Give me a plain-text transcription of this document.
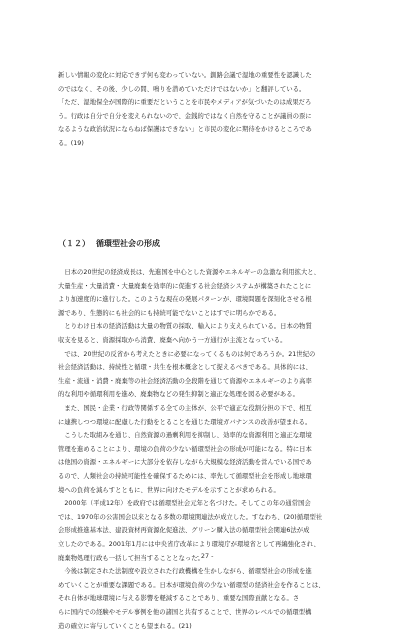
新しい情報の変化に対応できず何も変わっていない。釧路会議で湿地の重要性を認識した
のではなく、その後、少しの間、鳴りを潜めていただけではないか」と翻評している。
「ただ、湿地保全が国際的に重要だということを市民やメディアが気づいたのは成果だろ
う。行政は自分で自分を変えられないので、金銭的ではなく自然を守ることが議員の票に
なるような政治状況にならねば保護はできない」と市民の変化に期待をかけるところであ
る。(19)
（１２） 循環型社会の形成
　日本の20世紀の経済成長は、先進国を中心とした資源やエネルギーの急激な利用拡大と、
大量生産・大量消費・大量廃棄を効率的に促進する社会経済システムが構築されたことに
より加速度的に進行した。このような現在の発展パターンが、環境問題を深刻化させる根
源であり、生態的にも社会的にも持続可能でないことはすでに明らかである。
　とりわけ日本の経済活動は大量の物質の採取、輸入により支えられている。日本の物質
収支を見ると、資源採取から消費、廃棄へ向かう一方通行が主流となっている。
　では、20世紀の反省から考えたときに必要になってくるものは何であろうか。21世紀の
社会経済活動は、持続性と循環・共生を根本概念として捉えるべきである。具体的には、
生産・流通・消費・廃棄等の社会経済活動の全段階を通じて資源やエネルギーのより高率
的な利用や循環利用を進め、廃棄物などの発生抑制と適正な処理を図る必要がある。
　また、国民・企業・行政等関係する全ての主体が、公平で適正な役割分担の下で、相互
に連携しつつ環境に配慮した行動をとることを通じた環境ガバナンスの改善が望まれる。
　こうした取組みを通じ、自然資源の過剰利用を抑制し、効率的な資源利用と適正な環境
管理を進めることにより、環境の負荷の少ない循環型社会の形成が可能になる。特に日本
は他国の資源・エネルギーに大部分を依存しながら大規模な経済活動を営んでいる国であ
るので、人類社会の持続可能性を確保するためには、率先して循環型社会を形成し地球環
境への負荷を減らすとともに、世界に向けたモデルを示すことが求められる。
　2000年（平成12年）を政府では循環型社会元年と名づけた。そしてこの年の通常国会
では、1970年の公害国会以来となる多数の環境関連法が成立した。すなわち、(20)循環型社
会形成推進基本法、建設資材再資源化促進法、グリーン購入法の循環型社会関連6法が成
立したのである。2001年1月には中央省庁改革により環境庁が環境省として再編強化され、
廃棄物処理行政も一括して担当することとなった。
　今後は制定された法制度や設立された行政機構を生かしながら、循環型社会の形成を進
めていくことが重要な課題である。日本が環境負荷の少ない循環型の経済社会を作ることは、
それ自体が地球環境に与える影響を軽減することであり、重要な国際貢献となる。さ
らに国内での経験やモデル事例を他の諸国と共有することで、世界のレベルでの循環型構
造の確立に寄与していくことも望まれる。(21)
- 27 -
